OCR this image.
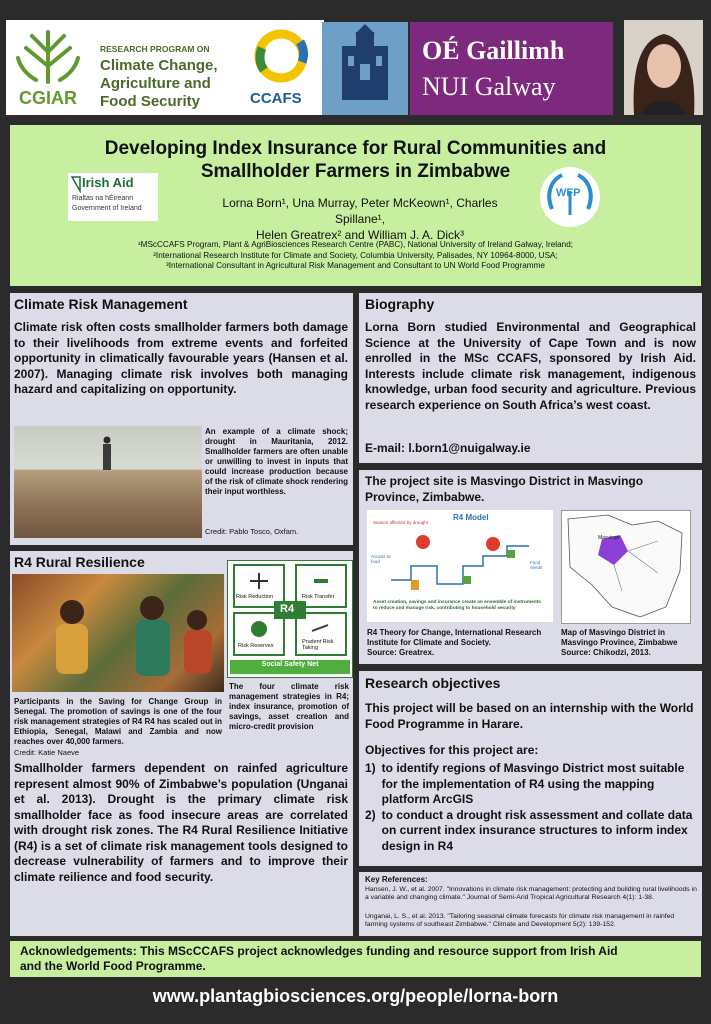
CGIAR
RESEARCH PROGRAM ON
Climate Change,
Agriculture and
Food Security	CCAFS
OÉ Gaillimh
NUI Galway
Developing Index Insurance for Rural Communities and
Smallholder Farmers in Zimbabwe
Irish Aid
Rialtas na hÉireann
Government of Ireland	Lorna Born¹, Una Murray, Peter McKeown¹, Charles Spillane¹,
Helen Greatrex² and William J. A. Dick³
WFP
¹MScCCAFS Program, Plant & AgriBiosciences Research Centre (PABC), National University of Ireland Galway, Ireland;
²International Research Institute for Climate and Society, Columbia University, Palisades, NY 10964-8000, USA;
³International Consultant in Agricultural Risk Management and Consultant to UN World Food Programme
Climate Risk Management
Climate risk often costs smallholder farmers both damage to their livelihoods from extreme events and forfeited opportunity in climatically favourable years (Hansen et al. 2007). Managing climate risk involves both managing hazard and capitalizing on opportunity.
An example of a climate shock; drought in Mauritania, 2012. Smallholder farmers are often unable or unwilling to invest in inputs that could increase production because of the risk of climate shock rendering their input worthless.
Credit: Pablo Tosco, Oxfam.
Biography
Lorna Born studied Environmental and Geographical Science at the University of Cape Town and is now enrolled in the MSc CCAFS, sponsored by Irish Aid. Interests include climate risk management, indigenous knowledge, urban food security and agriculture. Previous research experience on South Africa’s west coast.
E-mail: l.born1@nuigalway.ie
The project site is Masvingo District in Masvingo Province, Zimbabwe.
R4 Model
Season affected by drought
Access to food	Food needs
Asset creation, savings and insurance create an ensemble of instruments to reduce and manage risk, contributing to household security
Masvingo
R4 Theory for Change, International Research Institute for Climate and Society.
Source: Greatrex.
Map of Masvingo District in Masvingo Province, Zimbabwe
Source: Chikodzi, 2013.
R4 Rural Resilience
Participants in the Saving for Change Group in Senegal. The promotion of savings is one of the four risk management strategies of R4 R4 has scaled out in Ethiopia, Senegal, Malawi and Zambia and now reaches over 40,000 farmers.
Credit: Katie Naeve
R4
Risk Reduction	Risk Transfer
Risk Reserves
Prudent Risk Taking
Social Safety Net
The four climate risk management strategies in R4; index insurance, promotion of savings, asset creation and micro-credit provision
Smallholder farmers dependent on rainfed agriculture represent almost 90% of Zimbabwe’s population (Unganai et al. 2013). Drought is the primary climate risk smallholder face as food insecure areas are correlated with drought risk zones. The R4 Rural Resilience Initiative (R4) is a set of climate risk management tools designed to decrease vulnerability of farmers and to improve their climate reilience and food security.
Research objectives
This project will be based on an internship with the World Food Programme in Harare.
Objectives for this project are:
1) to identify regions of Masvingo District most suitable for the implementation of R4 using the mapping platform ArcGIS
2) to conduct a drought risk assessment and collate data on current index insurance structures to inform index design in R4
Key References:
Hansen, J. W., et al. 2007. "Innovations in climate risk management: protecting and building rural livelihoods in a variable and changing climate." Journal of Semi-Arid Tropical Agricultural Research 4(1): 1-38.
Unganai, L. S., et al. 2013. "Tailoring seasonal climate forecasts for climate risk management in rainfed farming systems of southeast Zimbabwe." Climate and Development 5(2): 139-152.
Acknowledgements: This MScCCAFS project acknowledges funding and resource support from Irish Aid and the World Food Programme.
www.plantagbiosciences.org/people/lorna-born
